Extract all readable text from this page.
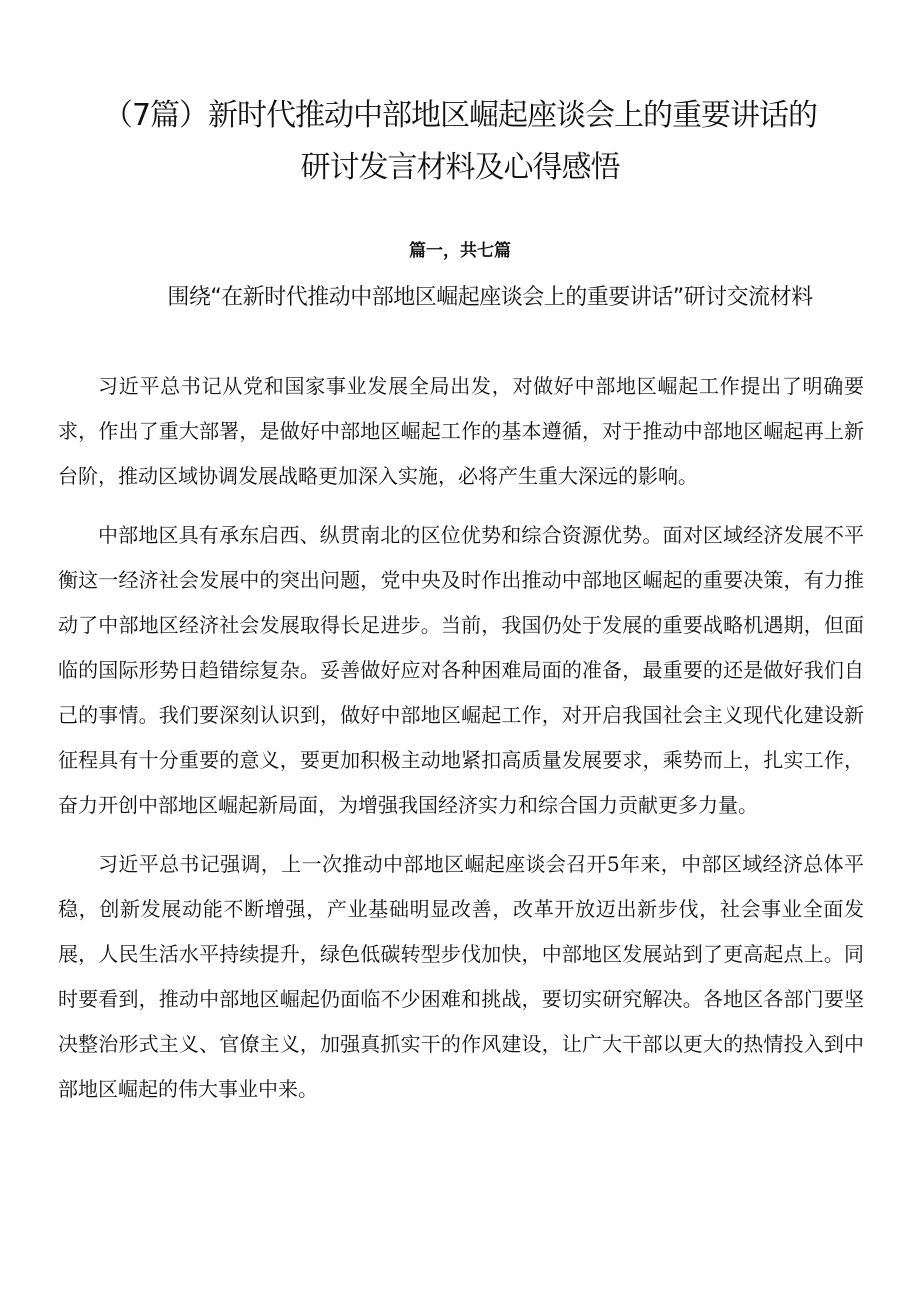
（7篇）新时代推动中部地区崛起座谈会上的重要讲话的研讨发言材料及心得感悟
篇一，共七篇
围绕“在新时代推动中部地区崛起座谈会上的重要讲话”研讨交流材料

习近平总书记从党和国家事业发展全局出发，对做好中部地区崛起工作提出了明确要求，作出了重大部署，是做好中部地区崛起工作的基本遵循，对于推动中部地区崛起再上新台阶，推动区域协调发展战略更加深入实施，必将产生重大深远的影响。

中部地区具有承东启西、纵贯南北的区位优势和综合资源优势。面对区域经济发展不平衡这一经济社会发展中的突出问题，党中央及时作出推动中部地区崛起的重要决策，有力推动了中部地区经济社会发展取得长足进步。当前，我国仍处于发展的重要战略机遇期，但面临的国际形势日趋错综复杂。妥善做好应对各种困难局面的准备，最重要的还是做好我们自己的事情。我们要深刻认识到，做好中部地区崛起工作，对开启我国社会主义现代化建设新征程具有十分重要的意义，要更加积极主动地紧扣高质量发展要求，乘势而上，扎实工作，奋力开创中部地区崛起新局面，为增强我国经济实力和综合国力贡献更多力量。

习近平总书记强调，上一次推动中部地区崛起座谈会召开5年来，中部区域经济总体平稳，创新发展动能不断增强，产业基础明显改善，改革开放迈出新步伐，社会事业全面发展，人民生活水平持续提升，绿色低碳转型步伐加快，中部地区发展站到了更高起点上。同时要看到，推动中部地区崛起仍面临不少困难和挑战，要切实研究解决。各地区各部门要坚决整治形式主义、官僚主义，加强真抓实干的作风建设，让广大干部以更大的热情投入到中部地区崛起的伟大事业中来。
